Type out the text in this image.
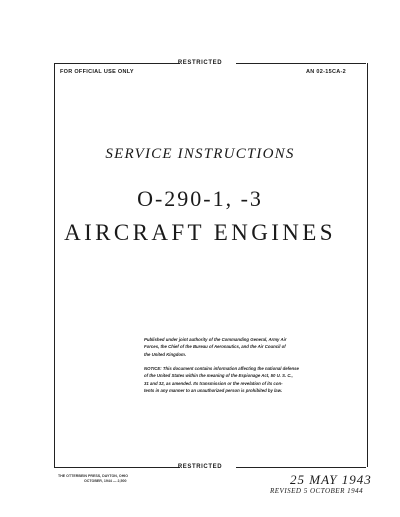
RESTRICTED
FOR OFFICIAL USE ONLY	AN 02-15CA-2
SERVICE INSTRUCTIONS
O-290-1, -3
AIRCRAFT ENGINES
Published under joint authority of the Commanding General, Army Air
Forces, the Chief of the Bureau of Aeronautics, and the Air Council of
the United Kingdom.
NOTICE: This document contains information affecting the national defense
of the United States within the meaning of the Espionage Act, 50 U. S. C.,
31 and 32, as amended. Its transmission or the revelation of its con-
tents in any manner to an unauthorized person is prohibited by law.
RESTRICTED
THE OTTERBEIN PRESS, DAYTON, OHIO
OCTOBER, 1944 — 2,500	25 MAY 1943
REVISED 5 OCTOBER 1944
